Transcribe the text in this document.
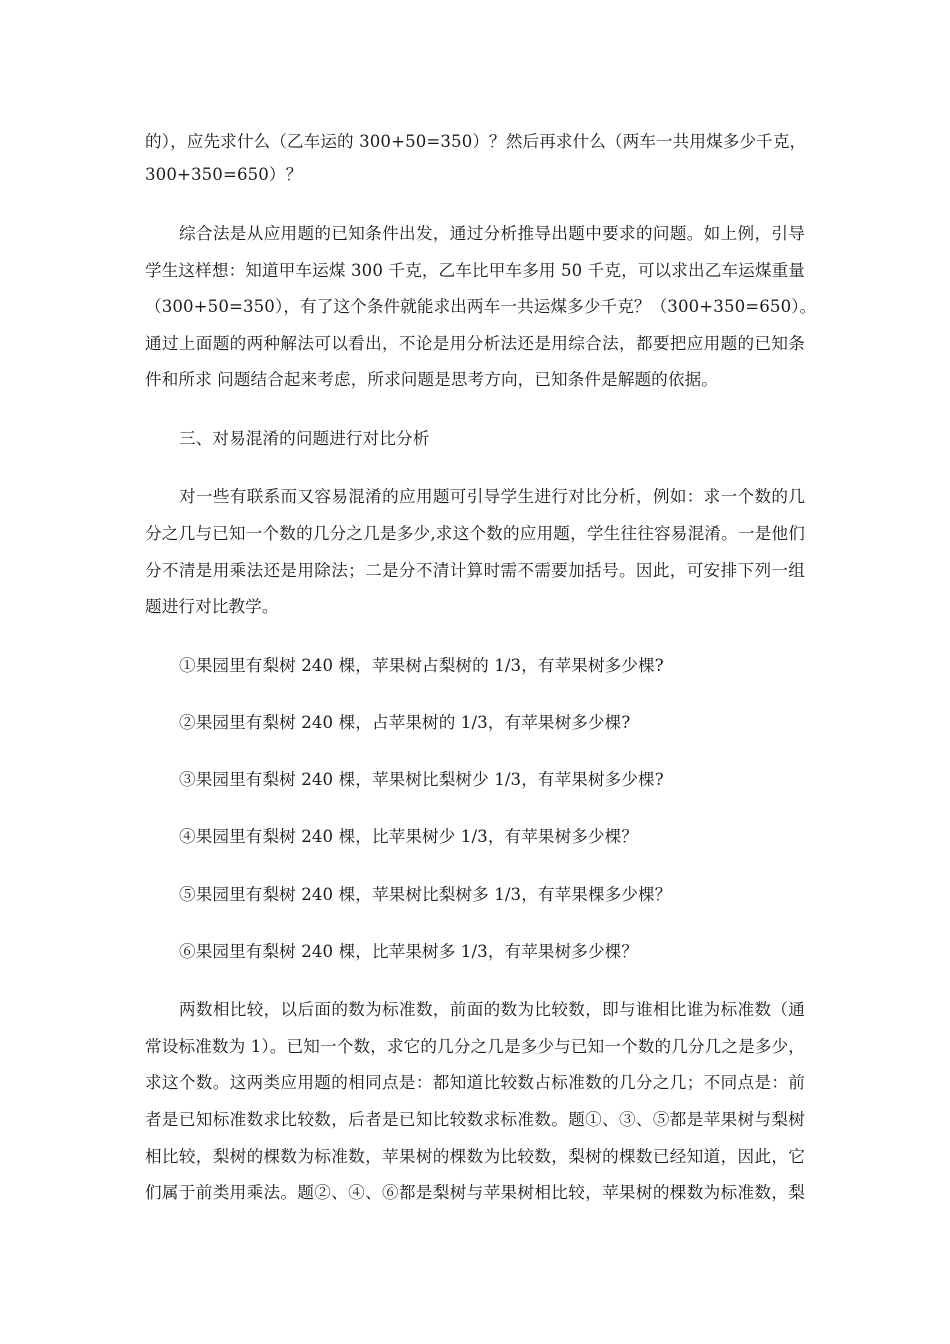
的），应先求什么（乙车运的 300+50=350）？然后再求什么（两车一共用煤多少千克，
300+350=650）？
综合法是从应用题的已知条件出发，通过分析推导出题中要求的问题。如上例，引导
学生这样想：知道甲车运煤 300 千克，乙车比甲车多用 50 千克，可以求出乙车运煤重量
（300+50=350），有了这个条件就能求出两车一共运煤多少千克？（300+350=650）。
通过上面题的两种解法可以看出，不论是用分析法还是用综合法，都要把应用题的已知条
件和所求 问题结合起来考虑，所求问题是思考方向，已知条件是解题的依据。
三、对易混淆的问题进行对比分析
对一些有联系而又容易混淆的应用题可引导学生进行对比分析，例如：求一个数的几
分之几与已知一个数的几分之几是多少,求这个数的应用题，学生往往容易混淆。一是他们
分不清是用乘法还是用除法；二是分不清计算时需不需要加括号。因此，可安排下列一组
题进行对比教学。
①果园里有梨树 240 棵，苹果树占梨树的 1/3，有苹果树多少棵?
②果园里有梨树 240 棵，占苹果树的 1/3，有苹果树多少棵?
③果园里有梨树 240 棵，苹果树比梨树少 1/3，有苹果树多少棵?
④果园里有梨树 240 棵，比苹果树少 1/3，有苹果树多少棵？
⑤果园里有梨树 240 棵，苹果树比梨树多 1/3，有苹果棵多少棵？
⑥果园里有梨树 240 棵，比苹果树多 1/3，有苹果树多少棵？
两数相比较，以后面的数为标准数，前面的数为比较数，即与谁相比谁为标准数（通
常设标准数为 1）。已知一个数，求它的几分之几是多少与已知一个数的几分几之是多少，
求这个数。这两类应用题的相同点是：都知道比较数占标准数的几分之几；不同点是：前
者是已知标准数求比较数，后者是已知比较数求标准数。题①、③、⑤都是苹果树与梨树
相比较，梨树的棵数为标准数，苹果树的棵数为比较数，梨树的棵数已经知道，因此，它
们属于前类用乘法。题②、④、⑥都是梨树与苹果树相比较，苹果树的棵数为标准数，梨
